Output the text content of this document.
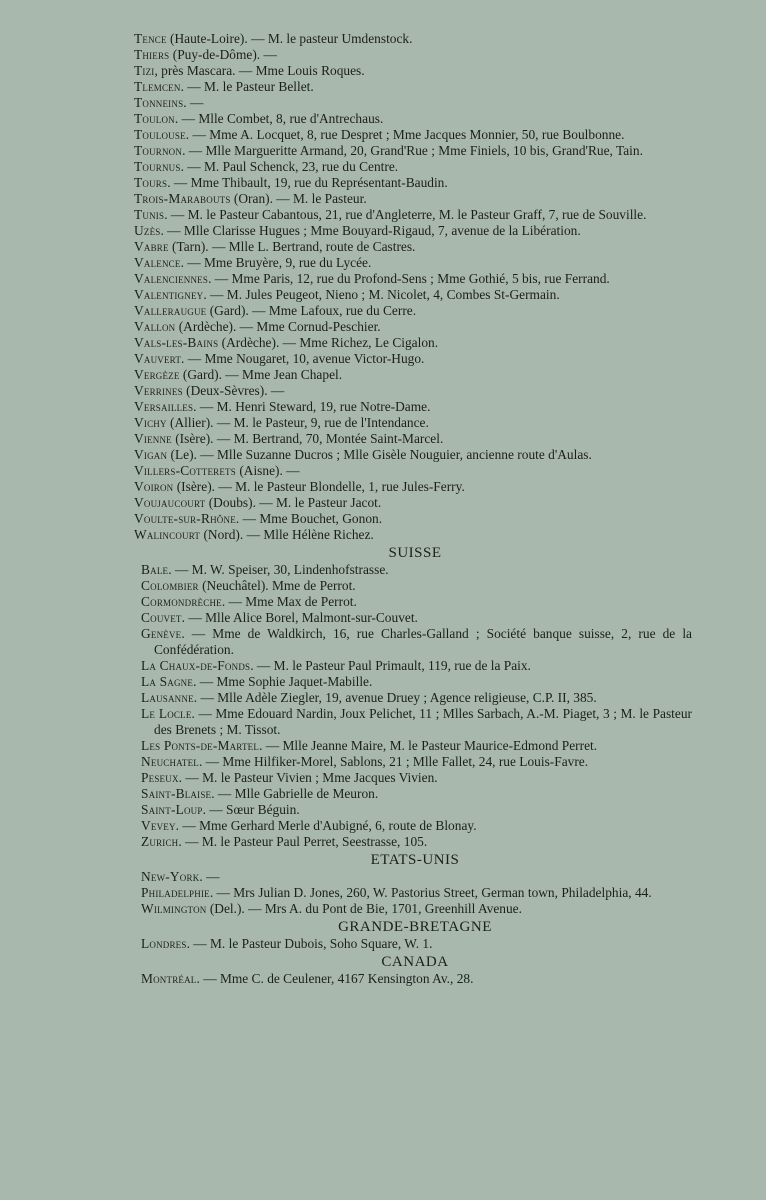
Tence (Haute-Loire). — M. le pasteur Umdenstock.

Thiers (Puy-de-Dôme). —

Tizi, près Mascara. — Mme Louis Roques.

Tlemcen. — M. le Pasteur Bellet.

Tonneins. —

Toulon. — Mlle Combet, 8, rue d'Antrechaus.

Toulouse. — Mme A. Locquet, 8, rue Despret ; Mme Jacques Monnier, 50, rue Boulbonne.

Tournon. — Mlle Margueritte Armand, 20, Grand'Rue ; Mme Finiels, 10 bis, Grand'Rue, Tain.

Tournus. — M. Paul Schenck, 23, rue du Centre.

Tours. — Mme Thibault, 19, rue du Représentant-Baudin.

Trois-Marabouts (Oran). — M. le Pasteur.

Tunis. — M. le Pasteur Cabantous, 21, rue d'Angleterre, M. le Pasteur Graff, 7, rue de Souville.

Uzès. — Mlle Clarisse Hugues ; Mme Bouyard-Rigaud, 7, avenue de la Libération.

Vabre (Tarn). — Mlle L. Bertrand, route de Castres.

Valence. — Mme Bruyère, 9, rue du Lycée.

Valenciennes. — Mme Paris, 12, rue du Profond-Sens ; Mme Gothié, 5 bis, rue Ferrand.

Valentigney. — M. Jules Peugeot, Nieno ; M. Nicolet, 4, Combes St-Germain.

Valleraugue (Gard). — Mme Lafoux, rue du Cerre.

Vallon (Ardèche). — Mme Cornud-Peschier.

Vals-les-Bains (Ardèche). — Mme Richez, Le Cigalon.

Vauvert. — Mme Nougaret, 10, avenue Victor-Hugo.

Vergèze (Gard). — Mme Jean Chapel.

Verrines (Deux-Sèvres). —

Versailles. — M. Henri Steward, 19, rue Notre-Dame.

Vichy (Allier). — M. le Pasteur, 9, rue de l'Intendance.

Vienne (Isère). — M. Bertrand, 70, Montée Saint-Marcel.

Vigan (Le). — Mlle Suzanne Ducros ; Mlle Gisèle Nouguier, ancienne route d'Aulas.

Villers-Cotterets (Aisne). —

Voiron (Isère). — M. le Pasteur Blondelle, 1, rue Jules-Ferry.

Voujaucourt (Doubs). — M. le Pasteur Jacot.

Voulte-sur-Rhône. — Mme Bouchet, Gonon.

Walincourt (Nord). — Mlle Hélène Richez.

SUISSE

Bale. — M. W. Speiser, 30, Lindenhofstrasse.

Colombier (Neuchâtel). Mme de Perrot.

Cormondrèche. — Mme Max de Perrot.

Couvet. — Mlle Alice Borel, Malmont-sur-Couvet.

Genève. — Mme de Waldkirch, 16, rue Charles-Galland ; Société banque suisse, 2, rue de la Confédération.

La Chaux-de-Fonds. — M. le Pasteur Paul Primault, 119, rue de la Paix.

La Sagne. — Mme Sophie Jaquet-Mabille.

Lausanne. — Mlle Adèle Ziegler, 19, avenue Druey ; Agence religieuse, C.P. II, 385.

Le Locle. — Mme Edouard Nardin, Joux Pelichet, 11 ; Mlles Sarbach, A.-M. Piaget, 3 ; M. le Pasteur des Brenets ; M. Tissot.

Les Ponts-de-Martel. — Mlle Jeanne Maire, M. le Pasteur Maurice-Edmond Perret.

Neuchatel. — Mme Hilfiker-Morel, Sablons, 21 ; Mlle Fallet, 24, rue Louis-Favre.

Peseux. — M. le Pasteur Vivien ; Mme Jacques Vivien.

Saint-Blaise. — Mlle Gabrielle de Meuron.

Saint-Loup. — Sœur Béguin.

Vevey. — Mme Gerhard Merle d'Aubigné, 6, route de Blonay.

Zurich. — M. le Pasteur Paul Perret, Seestrasse, 105.

ETATS-UNIS

New-York. —

Philadelphie. — Mrs Julian D. Jones, 260, W. Pastorius Street, German town, Philadelphia, 44.

Wilmington (Del.). — Mrs A. du Pont de Bie, 1701, Greenhill Avenue.

GRANDE-BRETAGNE

Londres. — M. le Pasteur Dubois, Soho Square, W. 1.

CANADA

Montréal. — Mme C. de Ceulener, 4167 Kensington Av., 28.
